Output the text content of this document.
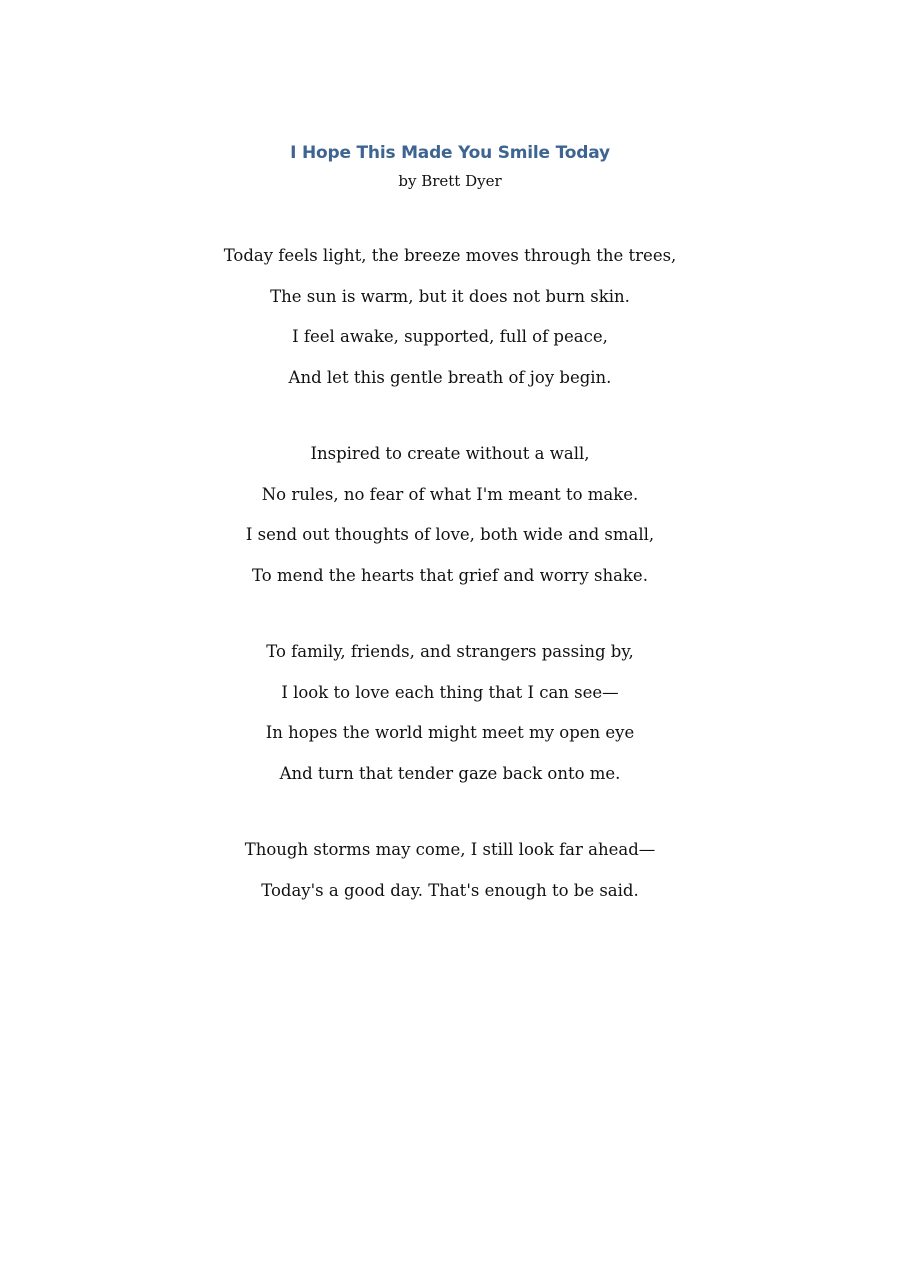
I Hope This Made You Smile Today
by Brett Dyer
Today feels light, the breeze moves through the trees,
The sun is warm, but it does not burn skin.
I feel awake, supported, full of peace,
And let this gentle breath of joy begin.
Inspired to create without a wall,
No rules, no fear of what I'm meant to make.
I send out thoughts of love, both wide and small,
To mend the hearts that grief and worry shake.
To family, friends, and strangers passing by,
I look to love each thing that I can see—
In hopes the world might meet my open eye
And turn that tender gaze back onto me.
Though storms may come, I still look far ahead—
Today's a good day. That's enough to be said.
